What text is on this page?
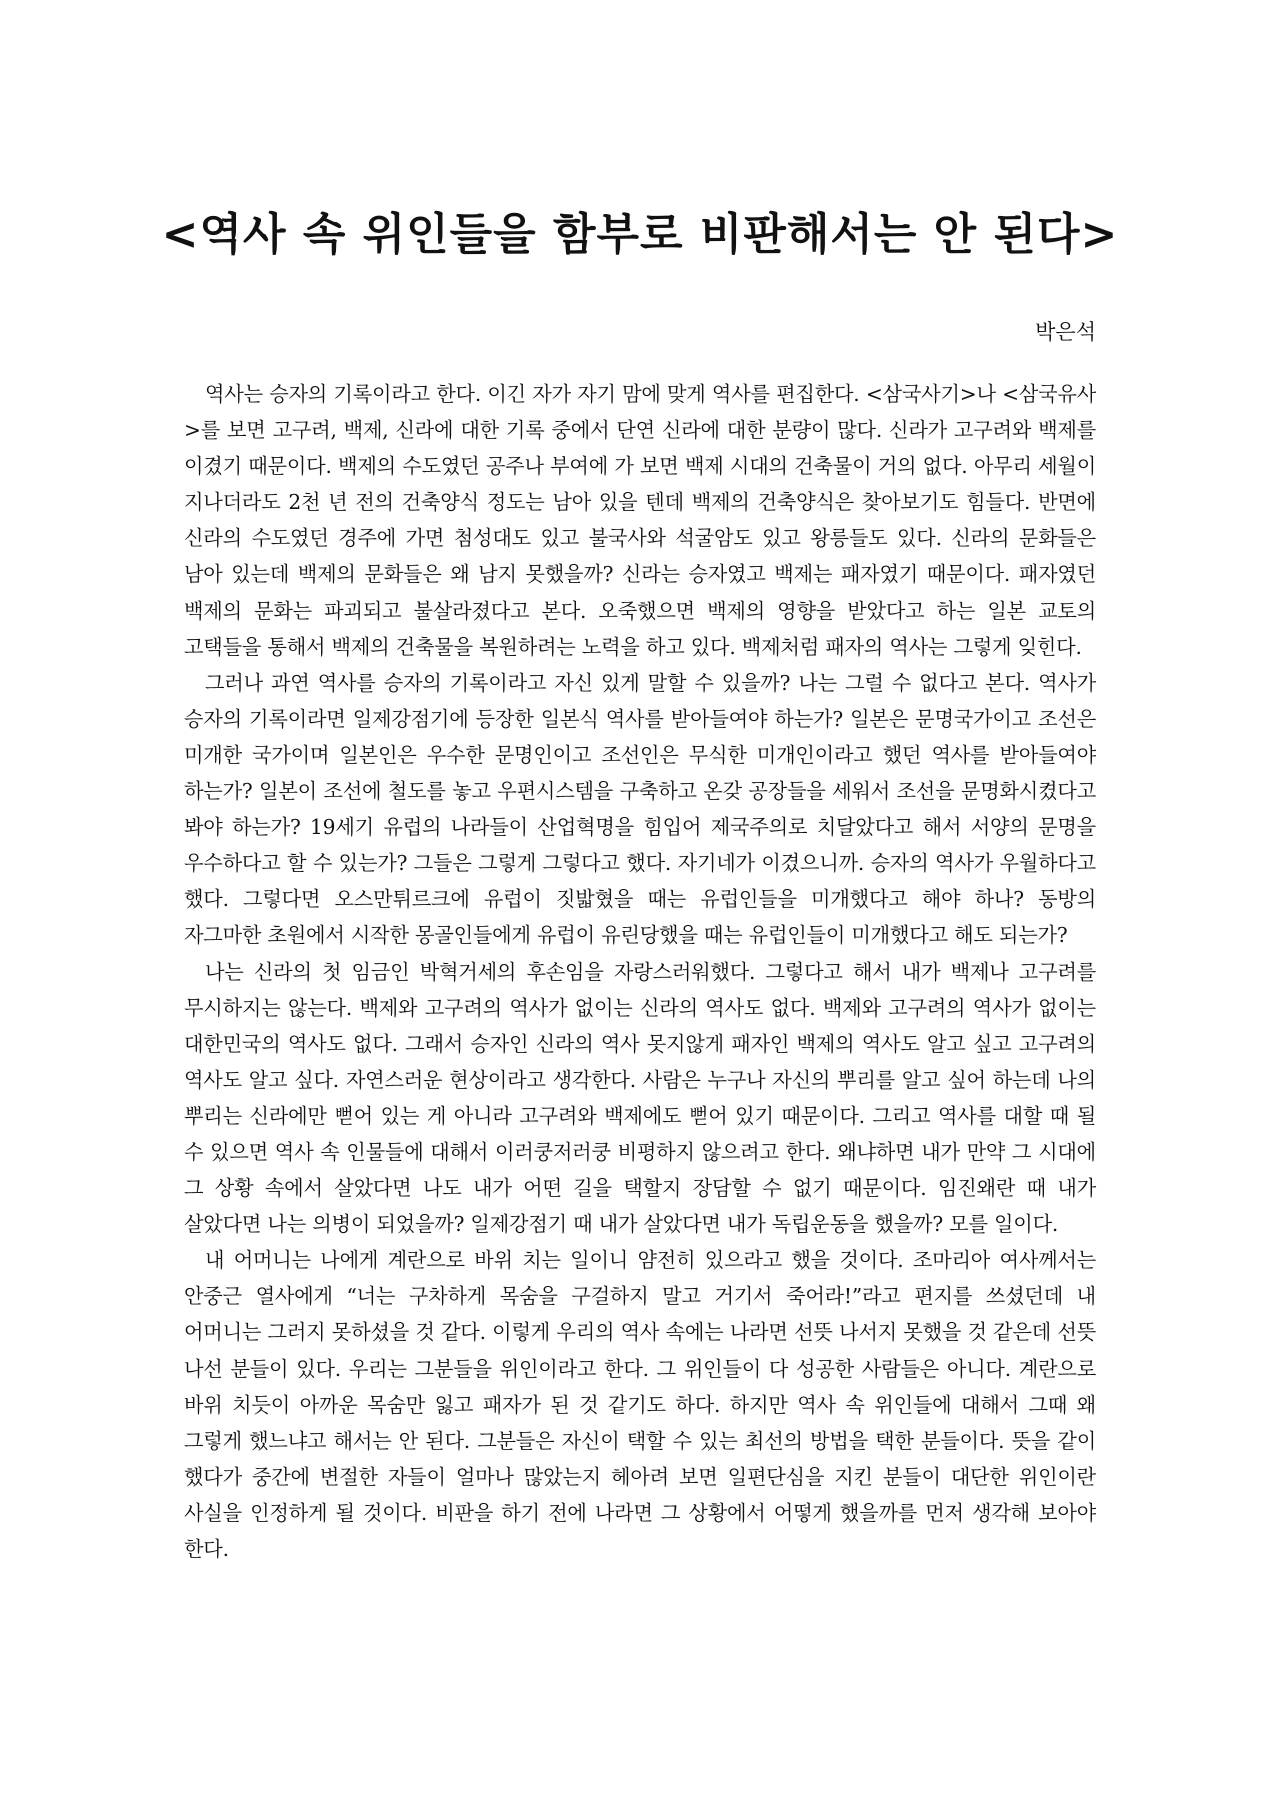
<역사 속 위인들을 함부로 비판해서는 안 된다>

박은석

역사는 승자의 기록이라고 한다. 이긴 자가 자기 맘에 맞게 역사를 편집한다. <삼국사기>나 <삼국유사>를 보면 고구려, 백제, 신라에 대한 기록 중에서 단연 신라에 대한 분량이 많다. 신라가 고구려와 백제를 이겼기 때문이다. 백제의 수도였던 공주나 부여에 가 보면 백제 시대의 건축물이 거의 없다. 아무리 세월이 지나더라도 2천 년 전의 건축양식 정도는 남아 있을 텐데 백제의 건축양식은 찾아보기도 힘들다. 반면에 신라의 수도였던 경주에 가면 첨성대도 있고 불국사와 석굴암도 있고 왕릉들도 있다. 신라의 문화들은 남아 있는데 백제의 문화들은 왜 남지 못했을까? 신라는 승자였고 백제는 패자였기 때문이다. 패자였던 백제의 문화는 파괴되고 불살라졌다고 본다. 오죽했으면 백제의 영향을 받았다고 하는 일본 교토의 고택들을 통해서 백제의 건축물을 복원하려는 노력을 하고 있다. 백제처럼 패자의 역사는 그렇게 잊힌다.

그러나 과연 역사를 승자의 기록이라고 자신 있게 말할 수 있을까? 나는 그럴 수 없다고 본다. 역사가 승자의 기록이라면 일제강점기에 등장한 일본식 역사를 받아들여야 하는가? 일본은 문명국가이고 조선은 미개한 국가이며 일본인은 우수한 문명인이고 조선인은 무식한 미개인이라고 했던 역사를 받아들여야 하는가? 일본이 조선에 철도를 놓고 우편시스템을 구축하고 온갖 공장들을 세워서 조선을 문명화시켰다고 봐야 하는가? 19세기 유럽의 나라들이 산업혁명을 힘입어 제국주의로 치달았다고 해서 서양의 문명을 우수하다고 할 수 있는가? 그들은 그렇게 그렇다고 했다. 자기네가 이겼으니까. 승자의 역사가 우월하다고 했다. 그렇다면 오스만튀르크에 유럽이 짓밟혔을 때는 유럽인들을 미개했다고 해야 하나? 동방의 자그마한 초원에서 시작한 몽골인들에게 유럽이 유린당했을 때는 유럽인들이 미개했다고 해도 되는가?

나는 신라의 첫 임금인 박혁거세의 후손임을 자랑스러워했다. 그렇다고 해서 내가 백제나 고구려를 무시하지는 않는다. 백제와 고구려의 역사가 없이는 신라의 역사도 없다. 백제와 고구려의 역사가 없이는 대한민국의 역사도 없다. 그래서 승자인 신라의 역사 못지않게 패자인 백제의 역사도 알고 싶고 고구려의 역사도 알고 싶다. 자연스러운 현상이라고 생각한다. 사람은 누구나 자신의 뿌리를 알고 싶어 하는데 나의 뿌리는 신라에만 뻗어 있는 게 아니라 고구려와 백제에도 뻗어 있기 때문이다. 그리고 역사를 대할 때 될 수 있으면 역사 속 인물들에 대해서 이러쿵저러쿵 비평하지 않으려고 한다. 왜냐하면 내가 만약 그 시대에 그 상황 속에서 살았다면 나도 내가 어떤 길을 택할지 장담할 수 없기 때문이다. 임진왜란 때 내가 살았다면 나는 의병이 되었을까? 일제강점기 때 내가 살았다면 내가 독립운동을 했을까? 모를 일이다.

내 어머니는 나에게 계란으로 바위 치는 일이니 얌전히 있으라고 했을 것이다. 조마리아 여사께서는 안중근 열사에게 “너는 구차하게 목숨을 구걸하지 말고 거기서 죽어라!”라고 편지를 쓰셨던데 내 어머니는 그러지 못하셨을 것 같다. 이렇게 우리의 역사 속에는 나라면 선뜻 나서지 못했을 것 같은데 선뜻 나선 분들이 있다. 우리는 그분들을 위인이라고 한다. 그 위인들이 다 성공한 사람들은 아니다. 계란으로 바위 치듯이 아까운 목숨만 잃고 패자가 된 것 같기도 하다. 하지만 역사 속 위인들에 대해서 그때 왜 그렇게 했느냐고 해서는 안 된다. 그분들은 자신이 택할 수 있는 최선의 방법을 택한 분들이다. 뜻을 같이 했다가 중간에 변절한 자들이 얼마나 많았는지 헤아려 보면 일편단심을 지킨 분들이 대단한 위인이란 사실을 인정하게 될 것이다. 비판을 하기 전에 나라면 그 상황에서 어떻게 했을까를 먼저 생각해 보아야 한다.
